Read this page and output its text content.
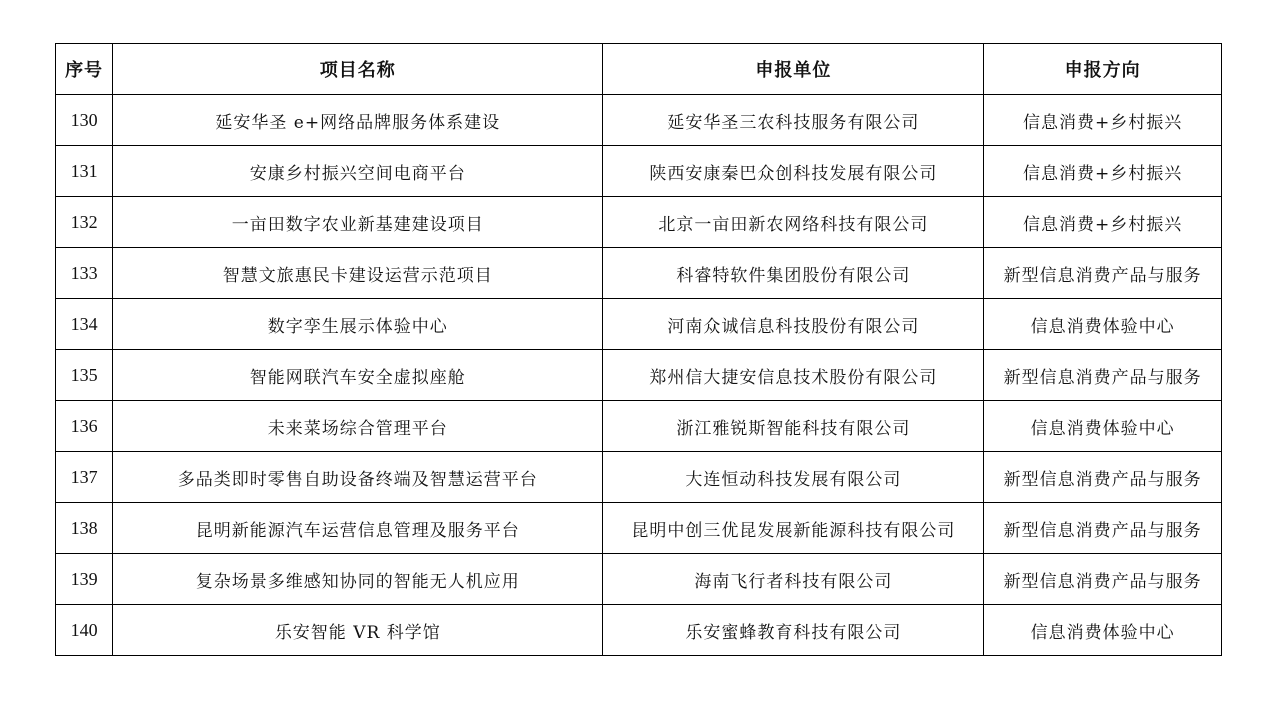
序号	项目名称	申报单位	申报方向
130	延安华圣 e+网络品牌服务体系建设	延安华圣三农科技服务有限公司	信息消费+乡村振兴
131	安康乡村振兴空间电商平台	陕西安康秦巴众创科技发展有限公司	信息消费+乡村振兴
132	一亩田数字农业新基建建设项目	北京一亩田新农网络科技有限公司	信息消费+乡村振兴
133	智慧文旅惠民卡建设运营示范项目	科睿特软件集团股份有限公司	新型信息消费产品与服务
134	数字孪生展示体验中心	河南众诚信息科技股份有限公司	信息消费体验中心
135	智能网联汽车安全虚拟座舱	郑州信大捷安信息技术股份有限公司	新型信息消费产品与服务
136	未来菜场综合管理平台	浙江雅锐斯智能科技有限公司	信息消费体验中心
137	多品类即时零售自助设备终端及智慧运营平台	大连恒动科技发展有限公司	新型信息消费产品与服务
138	昆明新能源汽车运营信息管理及服务平台	昆明中创三优昆发展新能源科技有限公司	新型信息消费产品与服务
139	复杂场景多维感知协同的智能无人机应用	海南飞行者科技有限公司	新型信息消费产品与服务
140	乐安智能 VR 科学馆	乐安蜜蜂教育科技有限公司	信息消费体验中心
